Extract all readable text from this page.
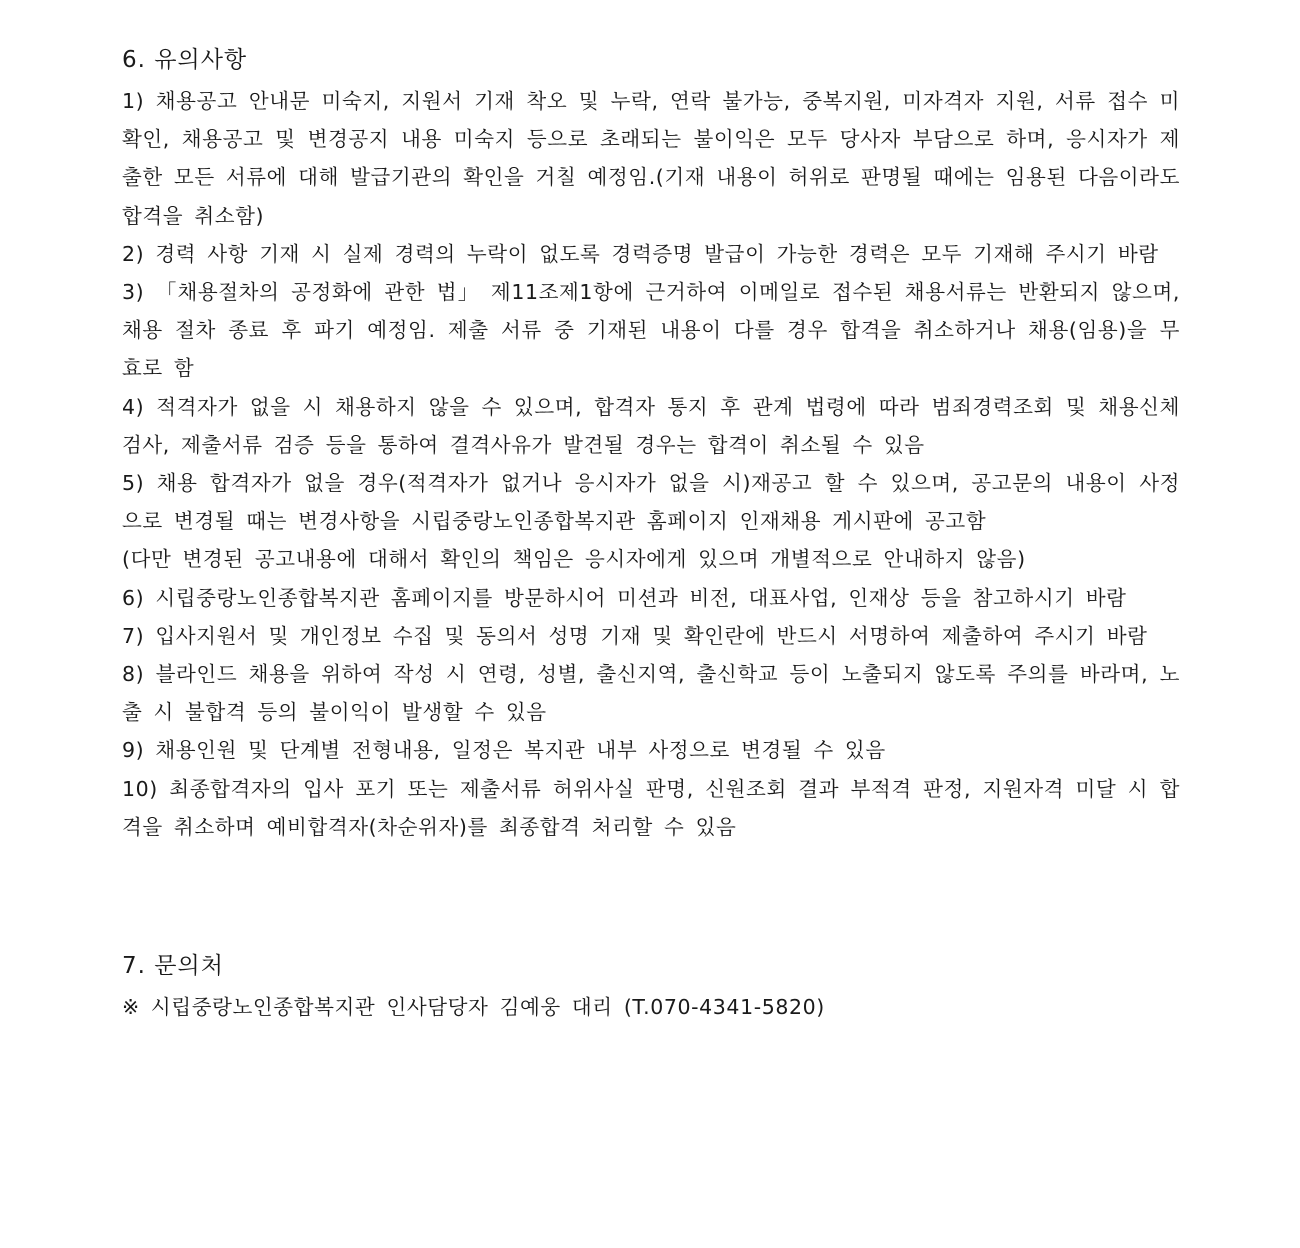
6. 유의사항

1) 채용공고 안내문 미숙지, 지원서 기재 착오 및 누락, 연락 불가능, 중복지원, 미자격자 지원, 서류 접수 미확인, 채용공고 및 변경공지 내용 미숙지 등으로 초래되는 불이익은 모두 당사자 부담으로 하며, 응시자가 제출한 모든 서류에 대해 발급기관의 확인을 거칠 예정임.(기재 내용이 허위로 판명될 때에는 임용된 다음이라도 합격을 취소함)

2) 경력 사항 기재 시 실제 경력의 누락이 없도록 경력증명 발급이 가능한 경력은 모두 기재해 주시기 바람

3) 「채용절차의 공정화에 관한 법」 제11조제1항에 근거하여 이메일로 접수된 채용서류는 반환되지 않으며, 채용 절차 종료 후 파기 예정임. 제출 서류 중 기재된 내용이 다를 경우 합격을 취소하거나 채용(임용)을 무효로 함

4) 적격자가 없을 시 채용하지 않을 수 있으며, 합격자 통지 후 관계 법령에 따라 범죄경력조회 및 채용신체검사, 제출서류 검증 등을 통하여 결격사유가 발견될 경우는 합격이 취소될 수 있음

5) 채용 합격자가 없을 경우(적격자가 없거나 응시자가 없을 시)재공고 할 수 있으며, 공고문의 내용이 사정으로 변경될 때는 변경사항을 시립중랑노인종합복지관 홈페이지 인재채용 게시판에 공고함

(다만 변경된 공고내용에 대해서 확인의 책임은 응시자에게 있으며 개별적으로 안내하지 않음)

6) 시립중랑노인종합복지관 홈페이지를 방문하시어 미션과 비전, 대표사업, 인재상 등을 참고하시기 바람

7) 입사지원서 및 개인정보 수집 및 동의서 성명 기재 및 확인란에 반드시 서명하여 제출하여 주시기 바람

8) 블라인드 채용을 위하여 작성 시 연령, 성별, 출신지역, 출신학교 등이 노출되지 않도록 주의를 바라며, 노출 시 불합격 등의 불이익이 발생할 수 있음

9) 채용인원 및 단계별 전형내용, 일정은 복지관 내부 사정으로 변경될 수 있음

10) 최종합격자의 입사 포기 또는 제출서류 허위사실 판명, 신원조회 결과 부적격 판정, 지원자격 미달 시 합격을 취소하며 예비합격자(차순위자)를 최종합격 처리할 수 있음

7. 문의처

※ 시립중랑노인종합복지관 인사담당자 김예웅 대리 (T.070-4341-5820)
